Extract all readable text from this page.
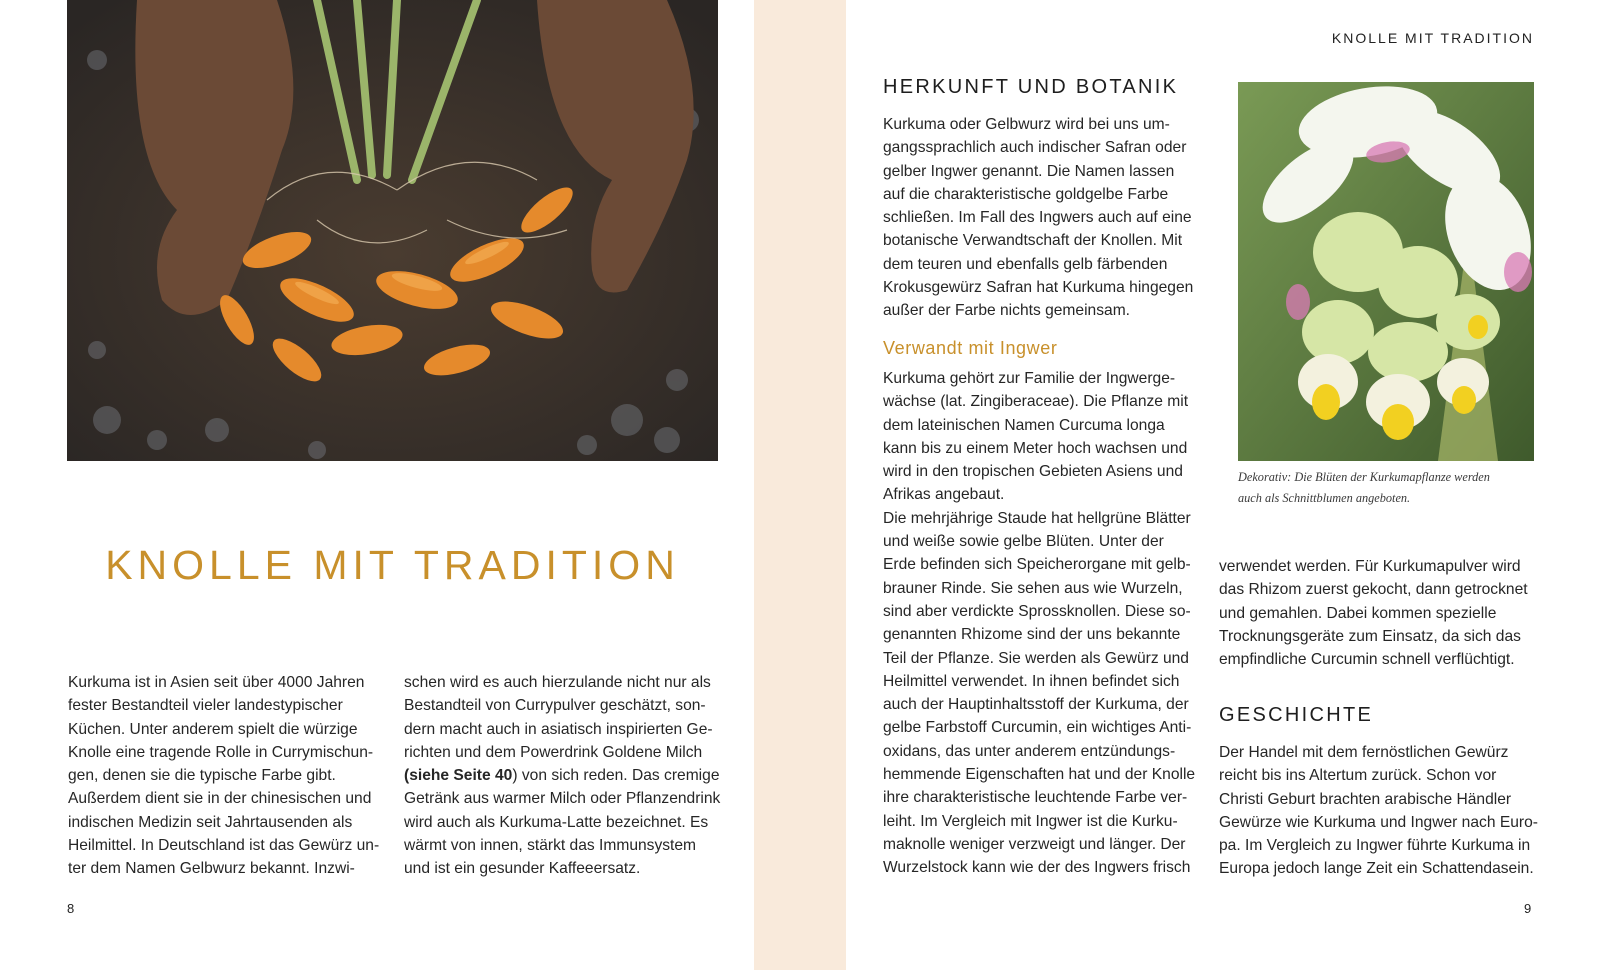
KNOLLE MIT TRADITION
Kurkuma ist in Asien seit über 4000 Jahren
fester Bestandteil vieler landestypischer
Küchen. Unter anderem spielt die würzige
Knolle eine tragende Rolle in Currymischun-
gen, denen sie die typische Farbe gibt.
Außerdem dient sie in der chinesischen und
indischen Medizin seit Jahrtausenden als
Heilmittel. In Deutschland ist das Gewürz un-
ter dem Namen Gelbwurz bekannt. Inzwi-
schen wird es auch hierzulande nicht nur als
Bestandteil von Currypulver geschätzt, son-
dern macht auch in asiatisch inspirierten Ge-
richten und dem Powerdrink Goldene Milch
(siehe Seite 40) von sich reden. Das cremige
Getränk aus warmer Milch oder Pflanzendrink
wird auch als Kurkuma-Latte bezeichnet. Es
wärmt von innen, stärkt das Immunsystem
und ist ein gesunder Kaffeeersatz.
8
KNOLLE MIT TRADITION
HERKUNFT UND BOTANIK
Kurkuma oder Gelbwurz wird bei uns um-
gangssprachlich auch indischer Safran oder
gelber Ingwer genannt. Die Namen lassen
auf die charakteristische goldgelbe Farbe
schließen. Im Fall des Ingwers auch auf eine
botanische Verwandtschaft der Knollen. Mit
dem teuren und ebenfalls gelb färbenden
Krokusgewürz Safran hat Kurkuma hingegen
außer der Farbe nichts gemeinsam.
Verwandt mit Ingwer
Kurkuma gehört zur Familie der Ingwerge-
wächse (lat. Zingiberaceae). Die Pflanze mit
dem lateinischen Namen Curcuma longa
kann bis zu einem Meter hoch wachsen und
wird in den tropischen Gebieten Asiens und
Afrikas angebaut.
Die mehrjährige Staude hat hellgrüne Blätter
und weiße sowie gelbe Blüten. Unter der
Erde befinden sich Speicherorgane mit gelb-
brauner Rinde. Sie sehen aus wie Wurzeln,
sind aber verdickte Sprossknollen. Diese so-
genannten Rhizome sind der uns bekannte
Teil der Pflanze. Sie werden als Gewürz und
Heilmittel verwendet. In ihnen befindet sich
auch der Hauptinhaltsstoff der Kurkuma, der
gelbe Farbstoff Curcumin, ein wichtiges Anti-
oxidans, das unter anderem entzündungs-
hemmende Eigenschaften hat und der Knolle
ihre charakteristische leuchtende Farbe ver-
leiht. Im Vergleich mit Ingwer ist die Kurku-
maknolle weniger verzweigt und länger. Der
Wurzelstock kann wie der des Ingwers frisch
Dekorativ: Die Blüten der Kurkumapflanze werden
auch als Schnittblumen angeboten.
verwendet werden. Für Kurkumapulver wird
das Rhizom zuerst gekocht, dann getrocknet
und gemahlen. Dabei kommen spezielle
Trocknungsgeräte zum Einsatz, da sich das
empfindliche Curcumin schnell verflüchtigt.
GESCHICHTE
Der Handel mit dem fernöstlichen Gewürz
reicht bis ins Altertum zurück. Schon vor
Christi Geburt brachten arabische Händler
Gewürze wie Kurkuma und Ingwer nach Euro-
pa. Im Vergleich zu Ingwer führte Kurkuma in
Europa jedoch lange Zeit ein Schattendasein.
9
